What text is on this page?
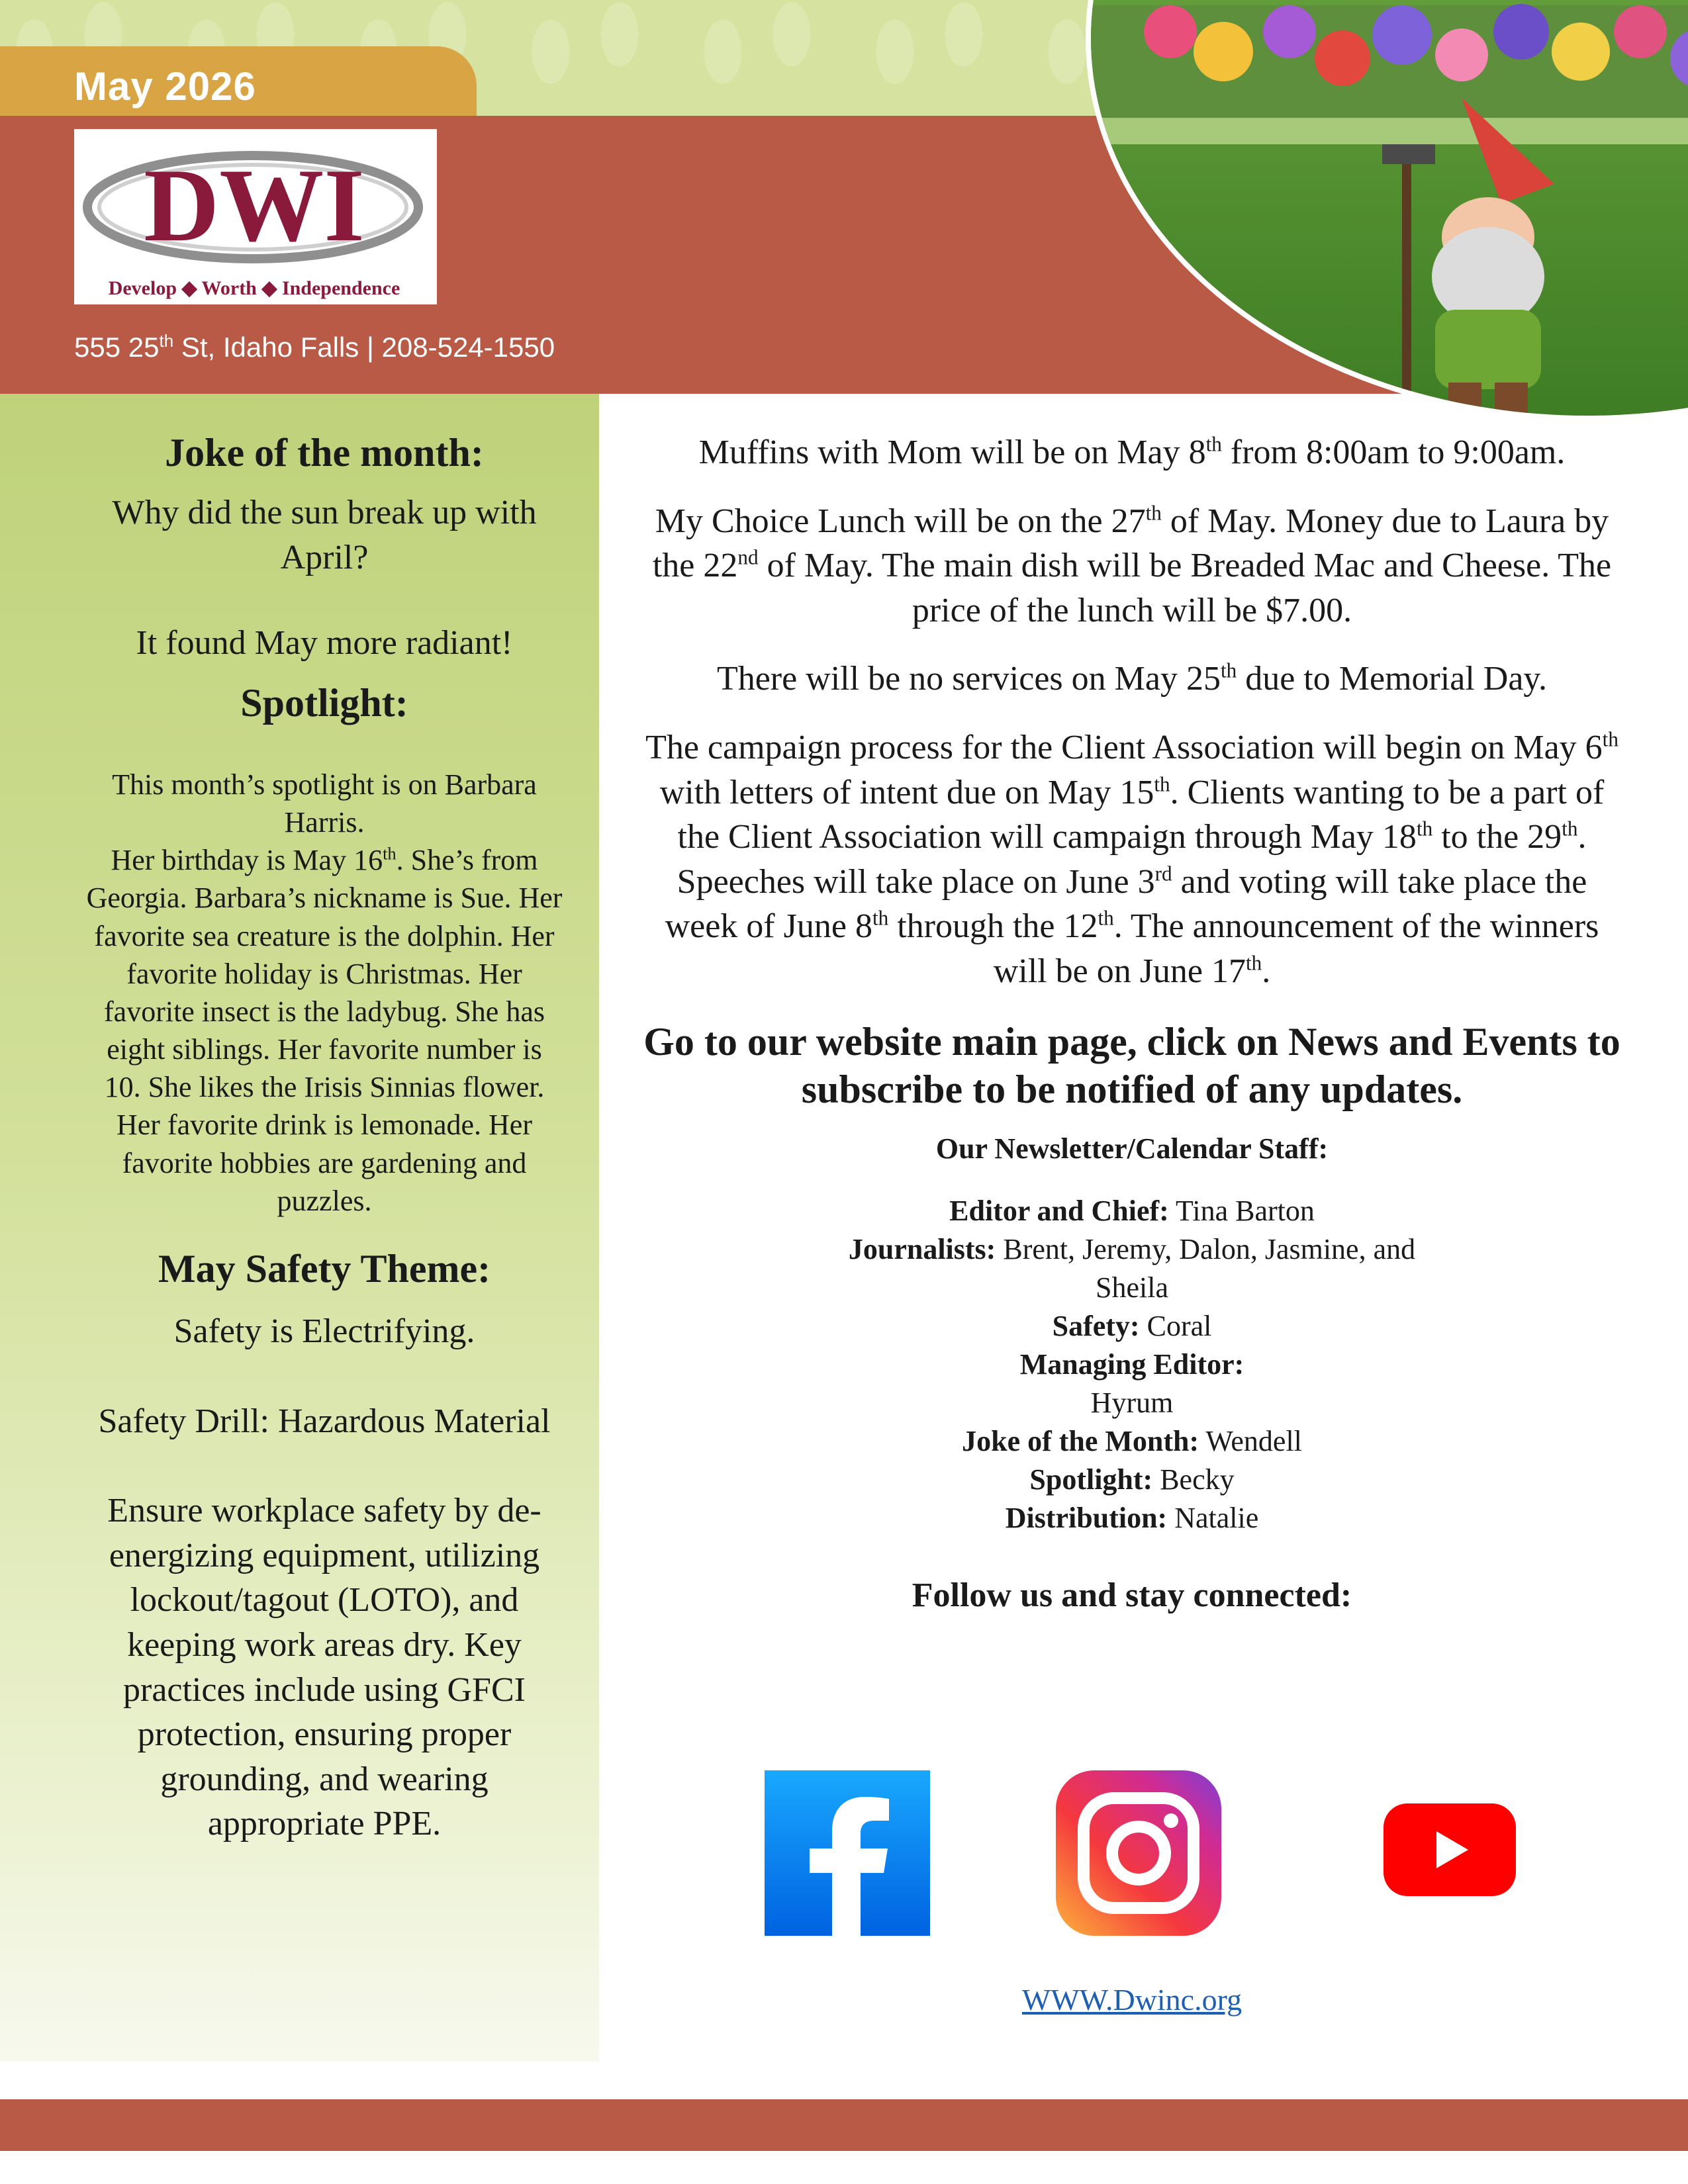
May 2026
DWI
Develop ◆ Worth ◆ Independence
555 25th St, Idaho Falls | 208-524-1550
Joke of the month:

Why did the sun break up with April?

It found May more radiant!

Spotlight:

This month’s spotlight is on Barbara Harris.

Her birthday is May 16th. She’s from Georgia. Barbara’s nickname is Sue. Her favorite sea creature is the dolphin. Her favorite holiday is Christmas. Her favorite insect is the ladybug. She has eight siblings. Her favorite number is 10. She likes the Irisis Sinnias flower. Her favorite drink is lemonade. Her favorite hobbies are gardening and puzzles.

May Safety Theme:

Safety is Electrifying.

Safety Drill: Hazardous Material

Ensure workplace safety by de-energizing equipment, utilizing lockout/tagout (LOTO), and keeping work areas dry. Key practices include using GFCI protection, ensuring proper grounding, and wearing appropriate PPE.

Muffins with Mom will be on May 8th from 8:00am to 9:00am.

My Choice Lunch will be on the 27th of May. Money due to Laura by the 22nd of May. The main dish will be Breaded Mac and Cheese. The price of the lunch will be $7.00.

There will be no services on May 25th due to Memorial Day.

The campaign process for the Client Association will begin on May 6th with letters of intent due on May 15th. Clients wanting to be a part of the Client Association will campaign through May 18th to the 29th. Speeches will take place on June 3rd and voting will take place the week of June 8th through the 12th. The announcement of the winners will be on June 17th.

Go to our website main page, click on News and Events to subscribe to be notified of any updates.

Our Newsletter/Calendar Staff:

Editor and Chief: Tina Barton
Journalists: Brent, Jeremy, Dalon, Jasmine, and Sheila
Safety: Coral
Managing Editor:
Hyrum
Joke of the Month: Wendell
Spotlight: Becky
Distribution: Natalie

Follow us and stay connected:

WWW.Dwinc.org
